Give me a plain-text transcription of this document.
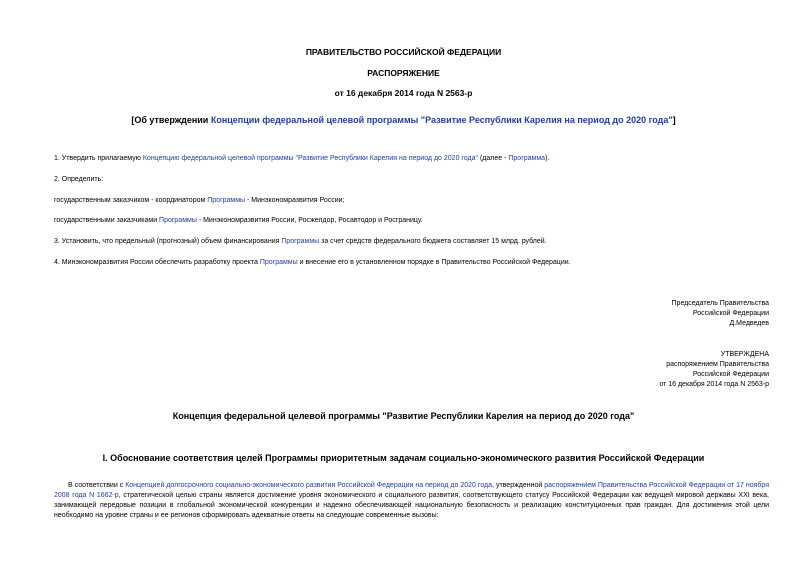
ПРАВИТЕЛЬСТВО РОССИЙСКОЙ ФЕДЕРАЦИИ
РАСПОРЯЖЕНИЕ
от 16 декабря 2014 года N 2563-р
[Об утверждении Концепции федеральной целевой программы "Развитие Республики Карелия на период до 2020 года"]
1. Утвердить прилагаемую Концепцию федеральной целевой программы "Развитие Республики Карелия на период до 2020 года" (далее - Программа).
2. Определить:
государственным заказчиком - координатором Программы - Минэкономразвития России;
государственными заказчиками Программы - Минэкономразвития России, Росжелдор, Росавтодор и Росграницу.
3. Установить, что предельный (прогнозный) объем финансирования Программы за счет средств федерального бюджета составляет 15 млрд. рублей.
4. Минэкономразвития России обеспечить разработку проекта Программы и внесение его в установленном порядке в Правительство Российской Федерации.
Председатель Правительства
Российской Федерации
Д.Медведев
УТВЕРЖДЕНА
распоряжением Правительства
Российской Федерации
от 16 декабря 2014 года N 2563-р
Концепция федеральной целевой программы "Развитие Республики Карелия на период до 2020 года"
I. Обоснование соответствия целей Программы приоритетным задачам социально-экономического развития Российской Федерации
В соответствии с Концепцией долгосрочного социально-экономического развития Российской Федерации на период до 2020 года, утвержденной распоряжением Правительства Российской Федерации от 17 ноября 2008 года N 1662-р, стратегической целью страны является достижение уровня экономического и социального развития, соответствующего статусу Российской Федерации как ведущей мировой державы XXI века, занимающей передовые позиции в глобальной экономической конкуренции и надежно обеспечивающей национальную безопасность и реализацию конституционных прав граждан. Для достижения этой цели необходимо на уровне страны и ее регионов сформировать адекватные ответы на следующие современные вызовы:
